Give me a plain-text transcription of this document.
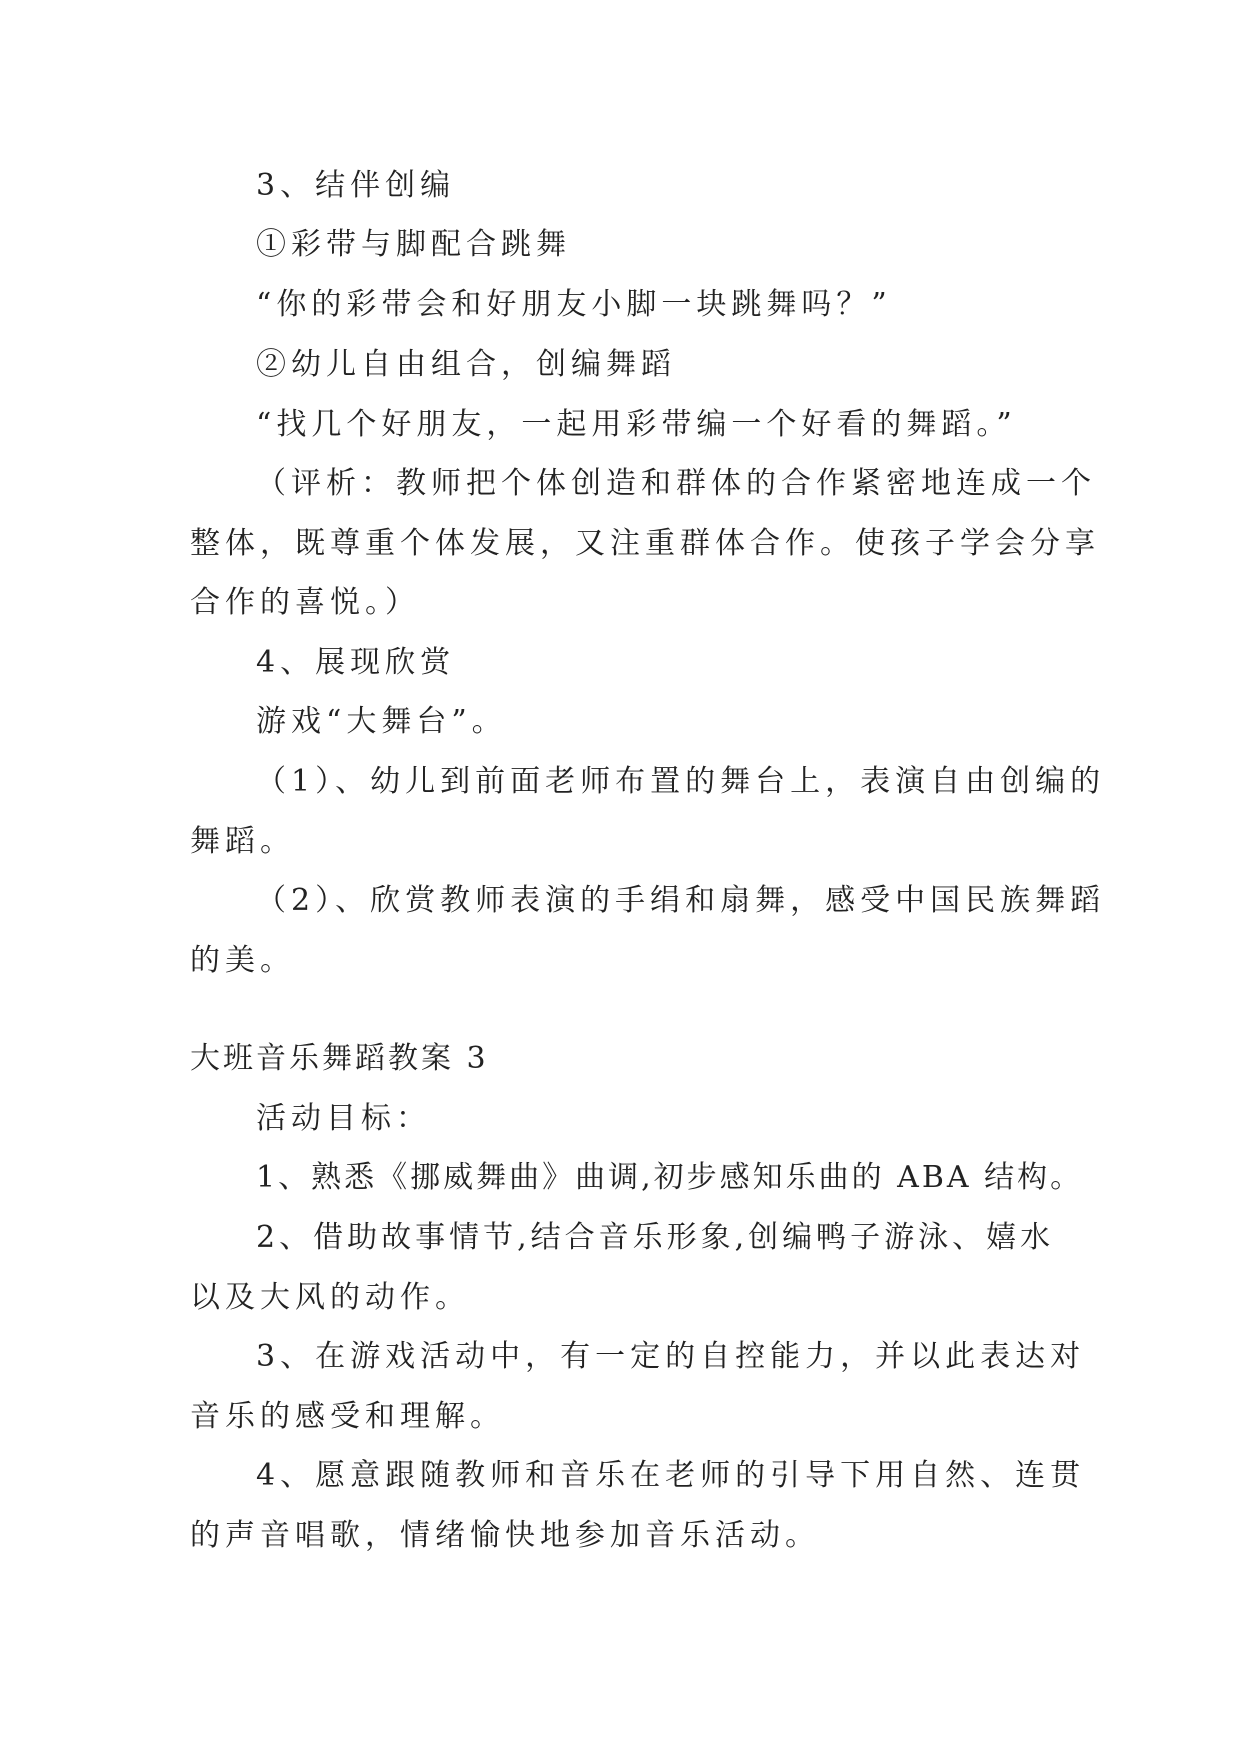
3、结伴创编
①彩带与脚配合跳舞
“你的彩带会和好朋友小脚一块跳舞吗？”
②幼儿自由组合，创编舞蹈
“找几个好朋友，一起用彩带编一个好看的舞蹈。”
（评析：教师把个体创造和群体的合作紧密地连成一个
整体，既尊重个体发展，又注重群体合作。使孩子学会分享
合作的喜悦。）
4、展现欣赏
游戏“大舞台”。
（1）、幼儿到前面老师布置的舞台上，表演自由创编的
舞蹈。
（2）、欣赏教师表演的手绢和扇舞，感受中国民族舞蹈
的美。
大班音乐舞蹈教案 3
活动目标：
1、熟悉《挪威舞曲》曲调,初步感知乐曲的 ABA 结构。
2、借助故事情节,结合音乐形象,创编鸭子游泳、嬉水
以及大风的动作。
3、在游戏活动中，有一定的自控能力，并以此表达对
音乐的感受和理解。
4、愿意跟随教师和音乐在老师的引导下用自然、连贯
的声音唱歌，情绪愉快地参加音乐活动。
